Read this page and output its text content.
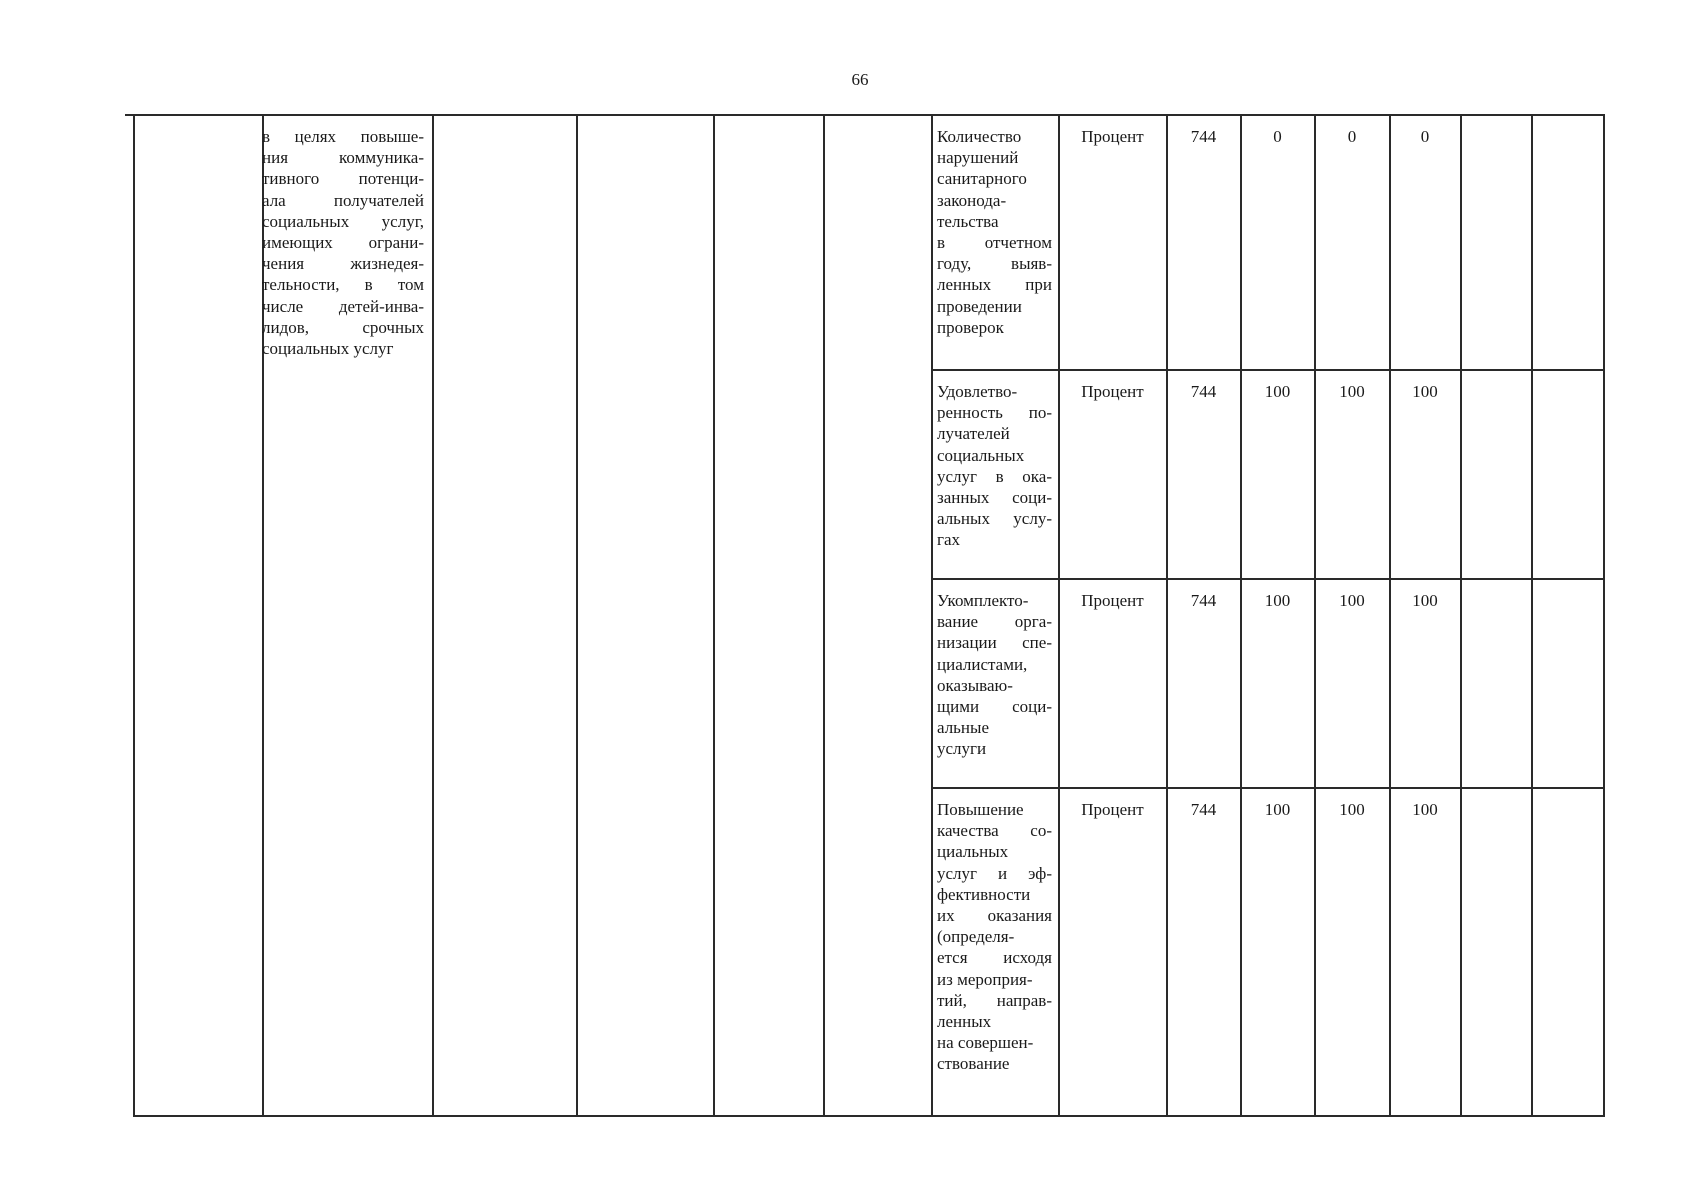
66
в целях повыше-
ния коммуника-
тивного потенци-
ала получателей
социальных услуг,
имеющих ограни-
чения жизнедея-
тельности, в том
числе детей-инва-
лидов, срочных
социальных услуг
Количество
нарушений
санитарного
законода-
тельства
в отчетном
году, выяв-
ленных при
проведении
проверок
Процент	744	0	0	0
Удовлетво-
ренность по-
лучателей
социальных
услуг в ока-
занных соци-
альных услу-
гах
Процент	744	100	100	100
Укомплекто-
вание орга-
низации спе-
циалистами,
оказываю-
щими соци-
альные
услуги
Процент	744	100	100	100
Повышение
качества со-
циальных
услуг и эф-
фективности
их оказания
(определя-
ется исходя
из мероприя-
тий, направ-
ленных
на совершен-
ствование
Процент	744	100	100	100
